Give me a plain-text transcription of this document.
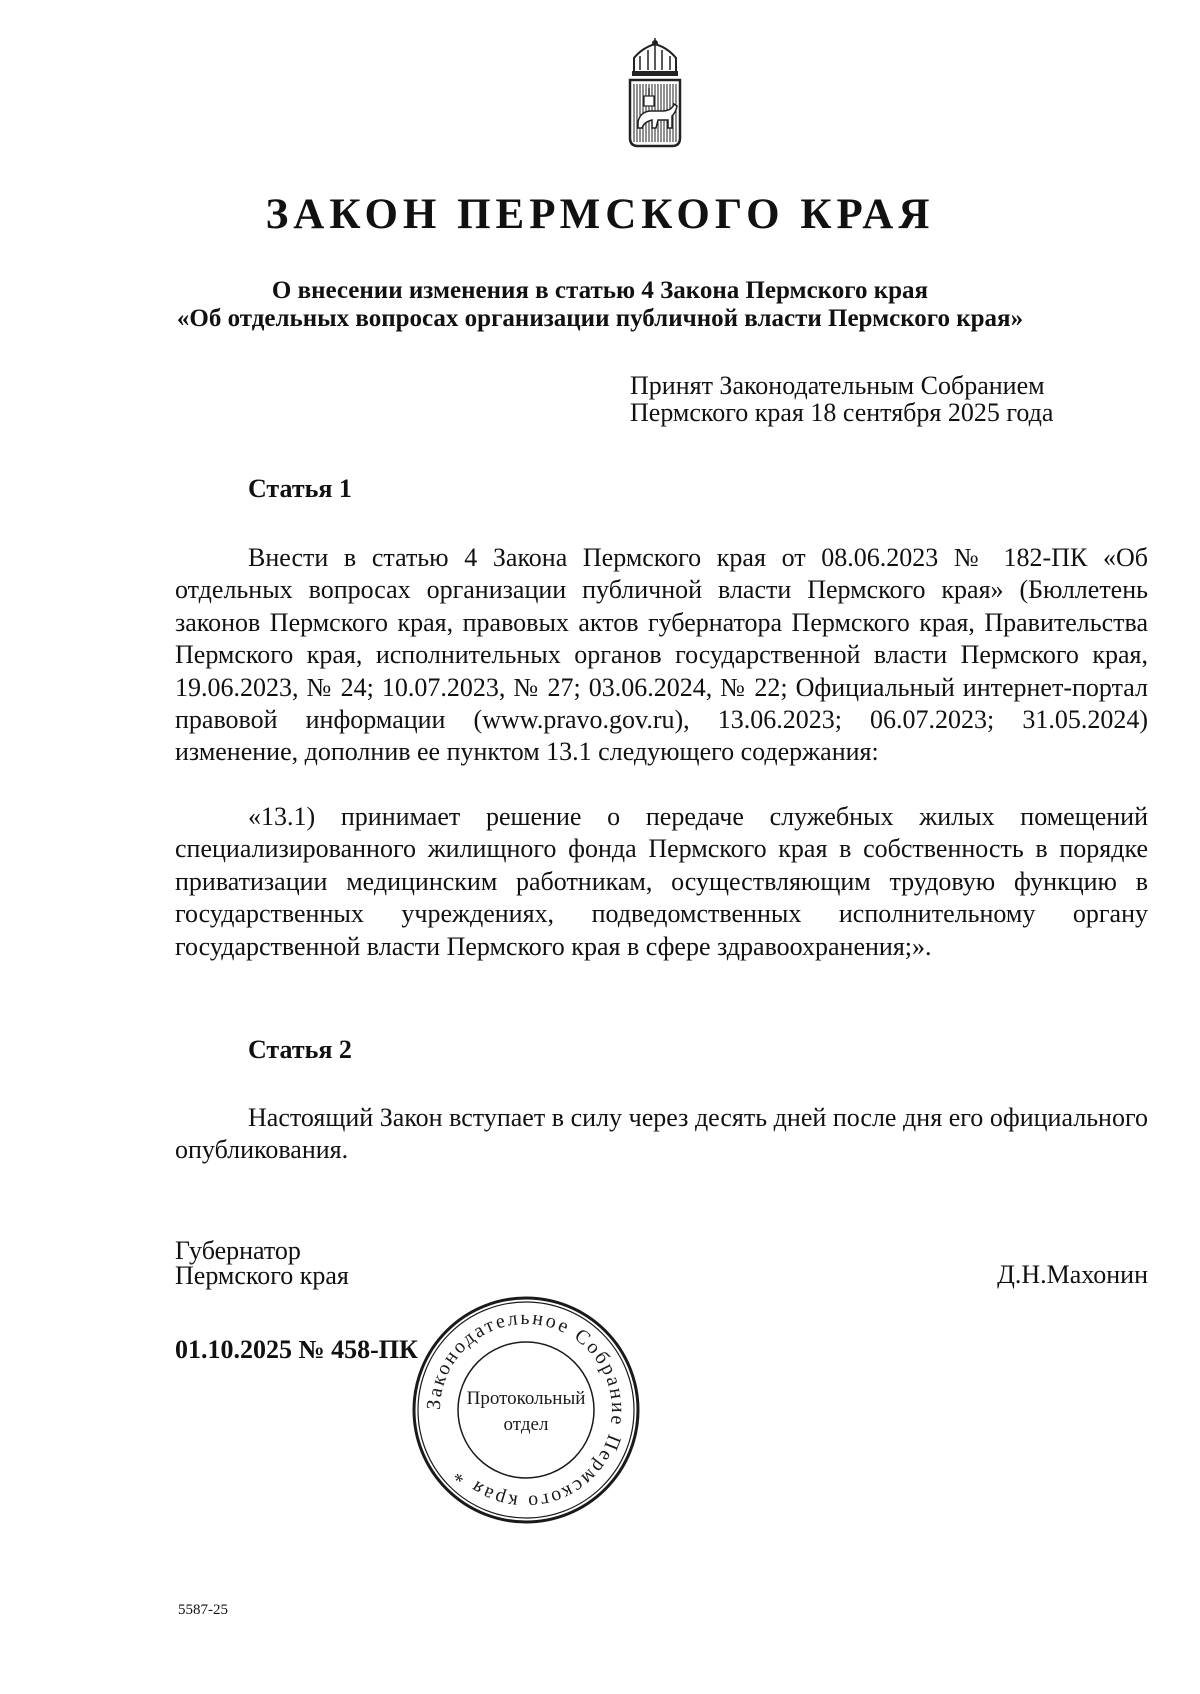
ЗАКОН ПЕРМСКОГО КРАЯ
О внесении изменения в статью 4 Закона Пермского края
«Об отдельных вопросах организации публичной власти Пермского края»
Принят Законодательным Собранием
Пермского края 18 сентября 2025 года
Статья 1

Внести в статью 4 Закона Пермского края от 08.06.2023 № 182-ПК «Об отдельных вопросах организации публичной власти Пермского края» (Бюллетень законов Пермского края, правовых актов губернатора Пермского края, Правительства Пермского края, исполнительных органов государственной власти Пермского края, 19.06.2023, № 24; 10.07.2023, № 27; 03.06.2024, № 22; Официальный интернет-портал правовой информации (www.pravo.gov.ru), 13.06.2023; 06.07.2023; 31.05.2024) изменение, дополнив ее пунктом 13.1 следующего содержания:

«13.1) принимает решение о передаче служебных жилых помещений специализированного жилищного фонда Пермского края в собственность в порядке приватизации медицинским работникам, осуществляющим трудовую функцию в государственных учреждениях, подведомственных исполнительному органу государственной власти Пермского края в сфере здравоохранения;».

Статья 2

Настоящий Закон вступает в силу через десять дней после дня его официального опубликования.

Губернатор
Пермского края	Д.Н.Махонин
01.10.2025 № 458-ПК
Законодательное Собрание Пермского края *
Протокольный
отдел
5587-25
